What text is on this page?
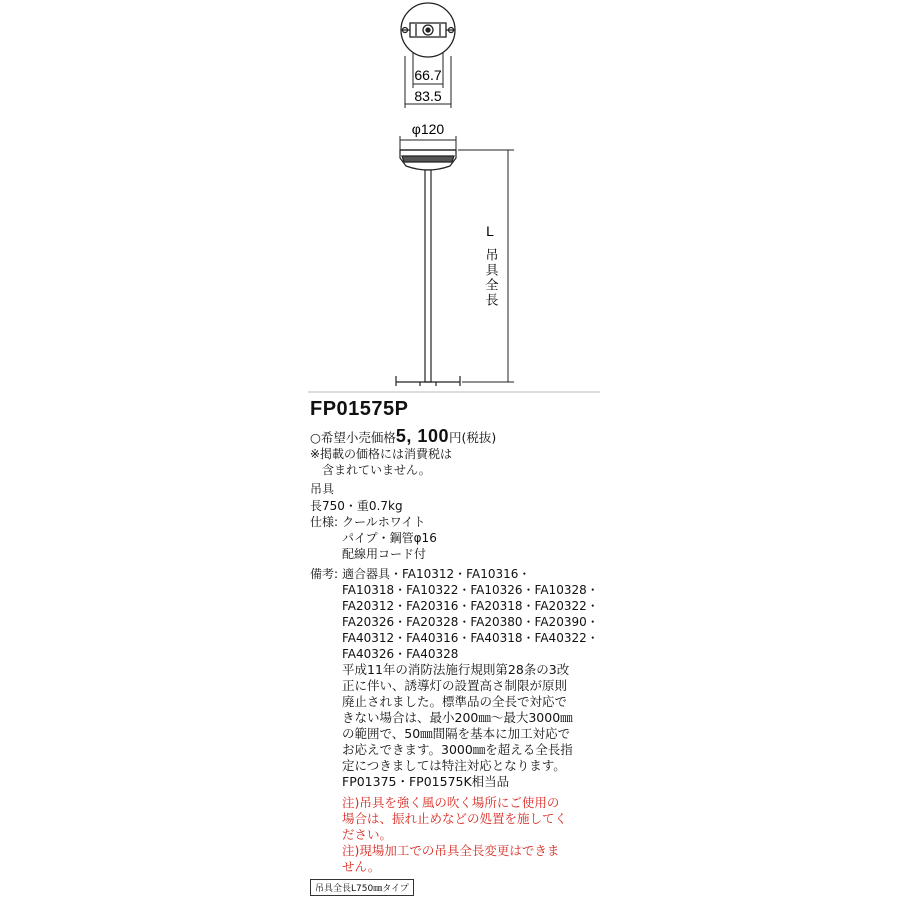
66.7
83.5
φ120
L
吊具全長
FP01575P
○希望小売価格5, 100円(税抜)
※掲載の価格には消費税は
含まれていません。
吊具
長750・重0.7kg
仕様: クールホワイト
パイプ・鋼管φ16
配線用コード付
備考: 適合器具・FA10312・FA10316・
FA10318・FA10322・FA10326・FA10328・
FA20312・FA20316・FA20318・FA20322・
FA20326・FA20328・FA20380・FA20390・
FA40312・FA40316・FA40318・FA40322・
FA40326・FA40328
平成11年の消防法施行規則第28条の3改
正に伴い、誘導灯の設置高さ制限が原則
廃止されました。標準品の全長で対応で
きない場合は、最小200㎜～最大3000㎜
の範囲で、50㎜間隔を基本に加工対応で
お応えできます。3000㎜を超える全長指
定につきましては特注対応となります。
FP01375・FP01575K相当品
注)吊具を強く風の吹く場所にご使用の
場合は、振れ止めなどの処置を施してく
ださい。
注)現場加工での吊具全長変更はできま
せん。
吊具全長L750㎜タイプ
